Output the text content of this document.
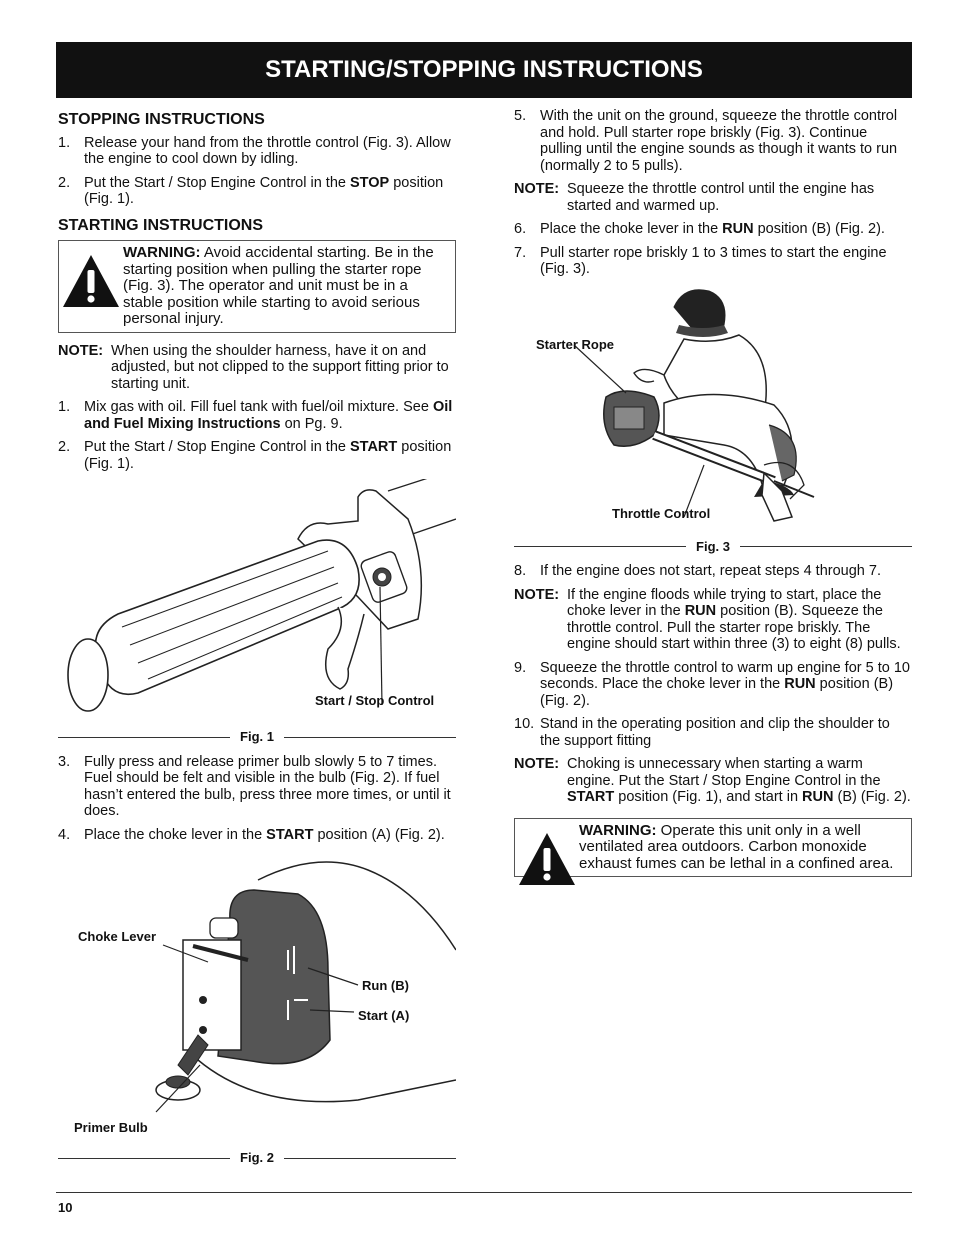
STARTING/STOPPING INSTRUCTIONS
STOPPING INSTRUCTIONS
1. Release your hand from the throttle control (Fig. 3). Allow the engine to cool down by idling.
2. Put the Start / Stop Engine Control in the STOP position (Fig. 1).
STARTING INSTRUCTIONS
WARNING: Avoid accidental starting. Be in the starting position when pulling the starter rope (Fig. 3). The operator and unit must be in a stable position while starting to avoid serious personal injury.
NOTE: When using the shoulder harness, have it on and adjusted, but not clipped to the support fitting prior to starting unit.
1. Mix gas with oil. Fill fuel tank with fuel/oil mixture. See Oil and Fuel Mixing Instructions on Pg. 9.
2. Put the Start / Stop Engine Control in the START position (Fig. 1).
Start / Stop Control
Fig. 1
3. Fully press and release primer bulb slowly 5 to 7 times. Fuel should be felt and visible in the bulb (Fig. 2). If fuel hasn’t entered the bulb, press three more times, or until it does.
4. Place the choke lever in the START position (A) (Fig. 2).
Choke Lever
Run (B)
Start (A)
Primer Bulb
Fig. 2
5. With the unit on the ground, squeeze the throttle control and hold. Pull starter rope briskly (Fig. 3). Continue pulling until the engine sounds as though it wants to run (normally 2 to 5 pulls).
NOTE: Squeeze the throttle control until the engine has started and warmed up.
6. Place the choke lever in the RUN position (B) (Fig. 2).
7. Pull starter rope briskly 1 to 3 times to start the engine (Fig. 3).
Starter Rope
Throttle Control
Fig. 3
8. If the engine does not start, repeat steps 4 through 7.
NOTE: If the engine floods while trying to start, place the choke lever in the RUN position (B). Squeeze the throttle control. Pull the starter rope briskly. The engine should start within three (3) to eight (8) pulls.
9. Squeeze the throttle control to warm up engine for 5 to 10 seconds. Place the choke lever in the RUN position (B) (Fig. 2).
10. Stand in the operating position and clip the shoulder to the support fitting
NOTE: Choking is unnecessary when starting a warm engine. Put the Start / Stop Engine Control in the START position (Fig. 1), and start in RUN (B) (Fig. 2).
WARNING: Operate this unit only in a well ventilated area outdoors. Carbon monoxide exhaust fumes can be lethal in a confined area.
10
